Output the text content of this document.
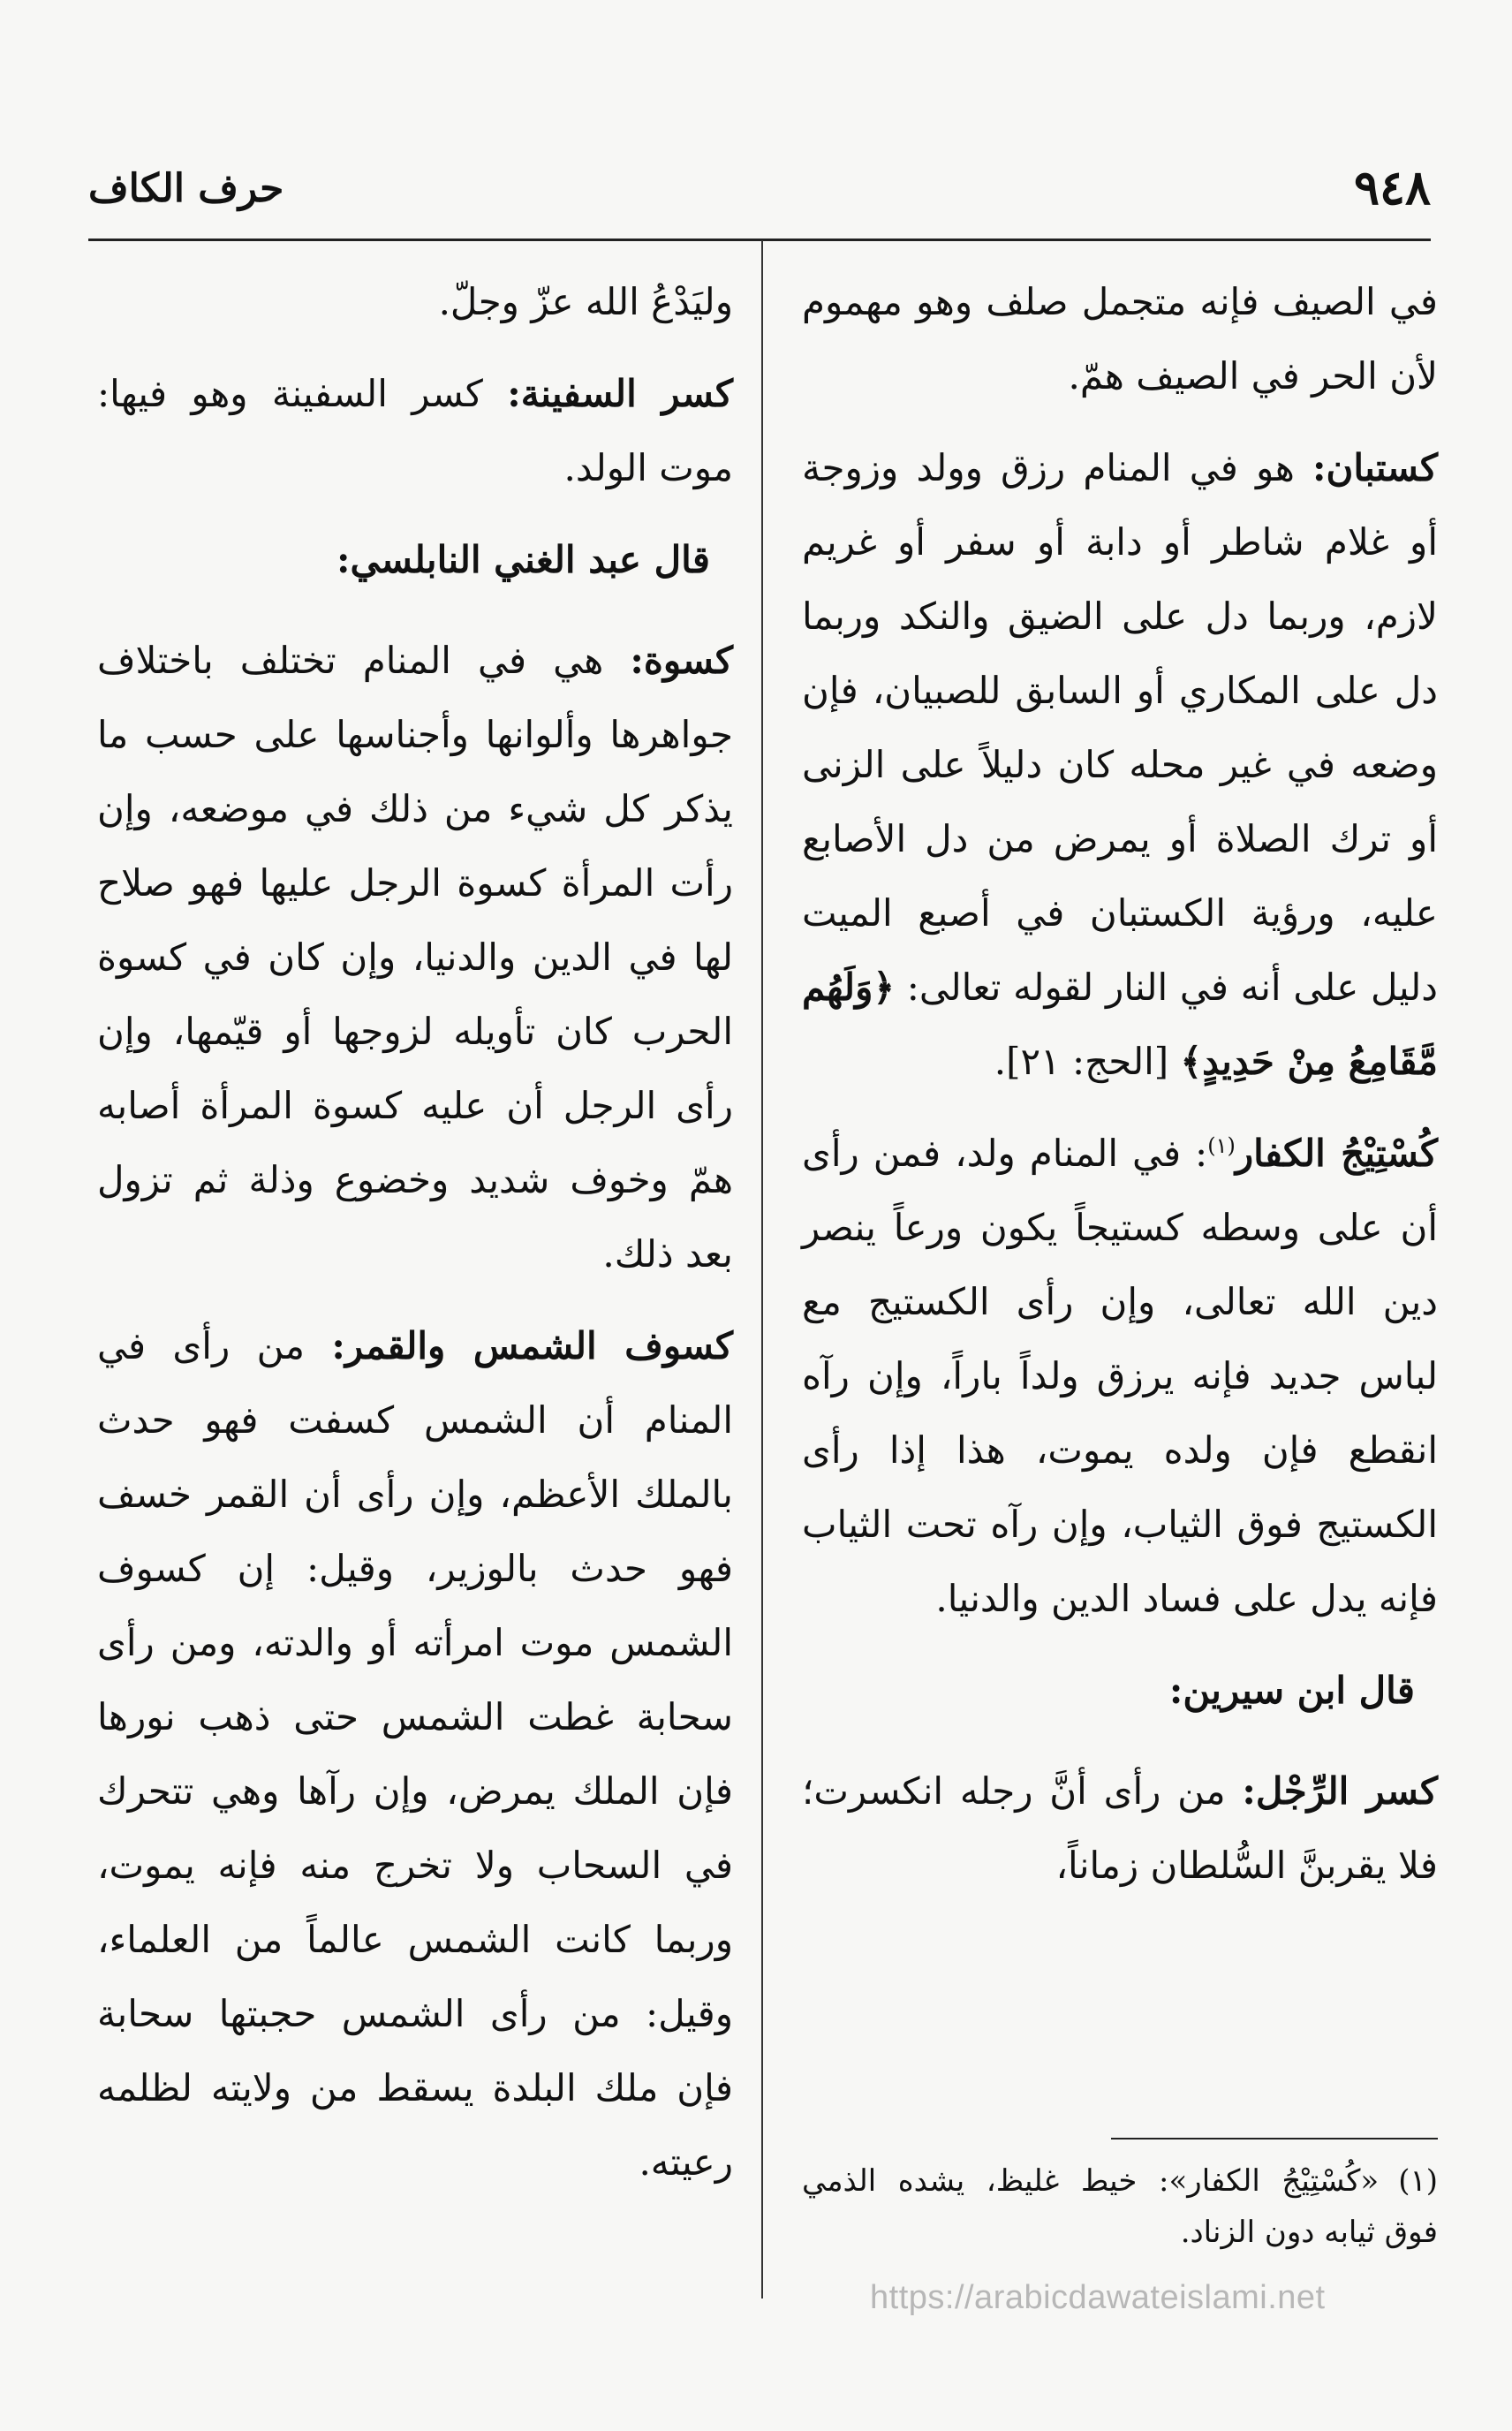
٩٤٨
حرف الكاف

في الصيف فإنه متجمل صلف وهو مهموم لأن الحر في الصيف همّ.

كستبان: هو في المنام رزق وولد وزوجة أو غلام شاطر أو دابة أو سفر أو غريم لازم، وربما دل على الضيق والنكد وربما دل على المكاري أو السابق للصبيان، فإن وضعه في غير محله كان دليلاً على الزنى أو ترك الصلاة أو يمرض من دل الأصابع عليه، ورؤية الكستبان في أصبع الميت دليل على أنه في النار لقوله تعالى: ﴿وَلَهُم مَّقَامِعُ مِنْ حَدِيدٍ﴾ [الحج: ٢١].

كُسْتِيْجُ الكفار$^{(١)}$: في المنام ولد، فمن رأى أن على وسطه كستيجاً يكون ورعاً ينصر دين الله تعالى، وإن رأى الكستيج مع لباس جديد فإنه يرزق ولداً باراً، وإن رآه انقطع فإن ولده يموت، هذا إذا رأى الكستيج فوق الثياب، وإن رآه تحت الثياب فإنه يدل على فساد الدين والدنيا.

قال ابن سيرين:

كسر الرِّجْل: من رأى أنَّ رجله انكسرت؛ فلا يقربنَّ السُّلطان زماناً،

وليَدْعُ الله عزّ وجلّ.

كسر السفينة: كسر السفينة وهو فيها: موت الولد.

قال عبد الغني النابلسي:

كسوة: هي في المنام تختلف باختلاف جواهرها وألوانها وأجناسها على حسب ما يذكر كل شيء من ذلك في موضعه، وإن رأت المرأة كسوة الرجل عليها فهو صلاح لها في الدين والدنيا، وإن كان في كسوة الحرب كان تأويله لزوجها أو قيّمها، وإن رأى الرجل أن عليه كسوة المرأة أصابه همّ وخوف شديد وخضوع وذلة ثم تزول بعد ذلك.

كسوف الشمس والقمر: من رأى في المنام أن الشمس كسفت فهو حدث بالملك الأعظم، وإن رأى أن القمر خسف فهو حدث بالوزير، وقيل: إن كسوف الشمس موت امرأته أو والدته، ومن رأى سحابة غطت الشمس حتى ذهب نورها فإن الملك يمرض، وإن رآها وهي تتحرك في السحاب ولا تخرج منه فإنه يموت، وربما كانت الشمس عالماً من العلماء، وقيل: من رأى الشمس حجبتها سحابة فإن ملك البلدة يسقط من ولايته لظلمه رعيته.	(١)«كُسْتِيْجُ الكفار»: خيط غليظ، يشده الذمي فوق ثيابه دون الزناد.
https://arabicdawateislami.net
